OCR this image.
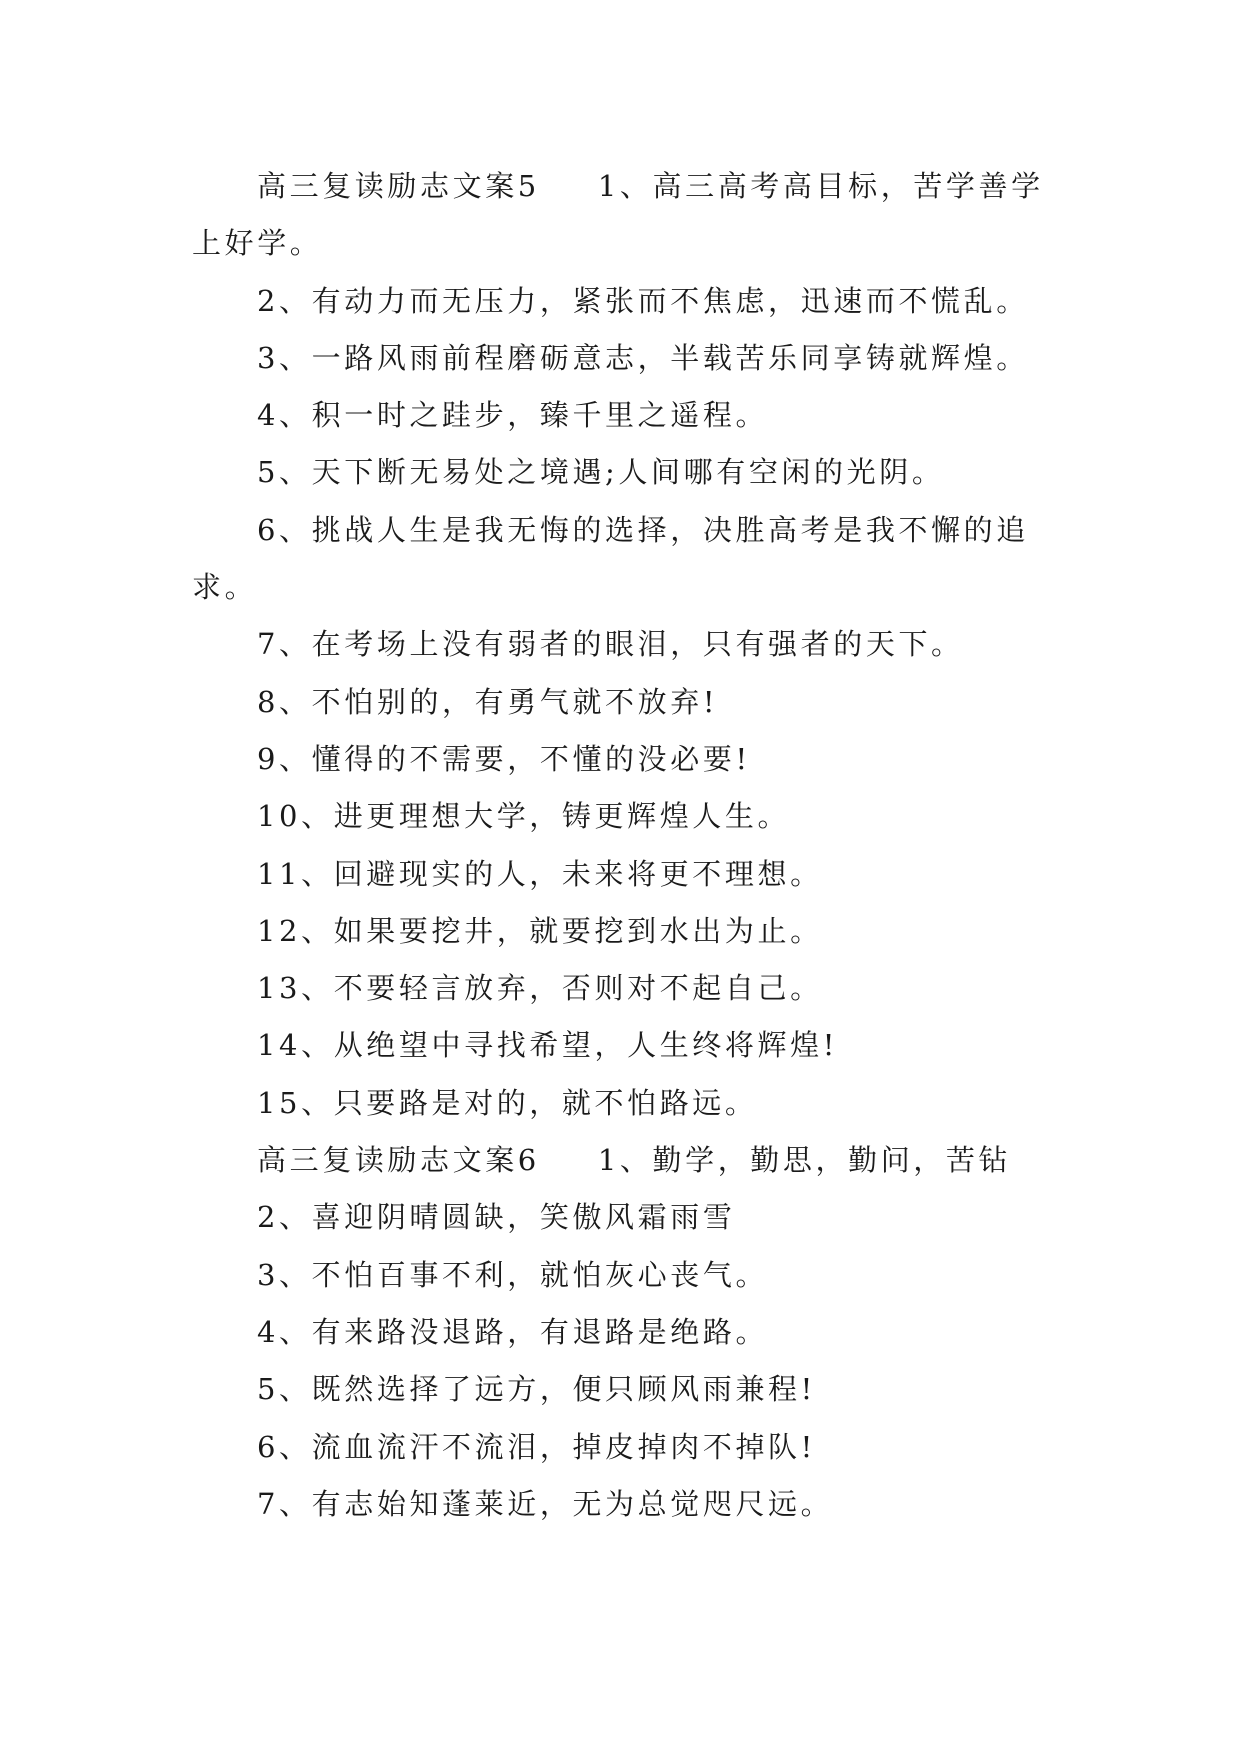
高三复读励志文案5 1、高三高考高目标，苦学善学上好学。

2、有动力而无压力，紧张而不焦虑，迅速而不慌乱。

3、一路风雨前程磨砺意志，半载苦乐同享铸就辉煌。

4、积一时之跬步，臻千里之遥程。

5、天下断无易处之境遇;人间哪有空闲的光阴。

6、挑战人生是我无悔的选择，决胜高考是我不懈的追求。

7、在考场上没有弱者的眼泪，只有强者的天下。

8、不怕别的，有勇气就不放弃!

9、懂得的不需要，不懂的没必要!

10、进更理想大学，铸更辉煌人生。

11、回避现实的人，未来将更不理想。

12、如果要挖井，就要挖到水出为止。

13、不要轻言放弃，否则对不起自己。

14、从绝望中寻找希望，人生终将辉煌!

15、只要路是对的，就不怕路远。

高三复读励志文案6 1、勤学，勤思，勤问，苦钻

2、喜迎阴晴圆缺，笑傲风霜雨雪

3、不怕百事不利，就怕灰心丧气。

4、有来路没退路，有退路是绝路。

5、既然选择了远方，便只顾风雨兼程!

6、流血流汗不流泪，掉皮掉肉不掉队!

7、有志始知蓬莱近，无为总觉咫尺远。
